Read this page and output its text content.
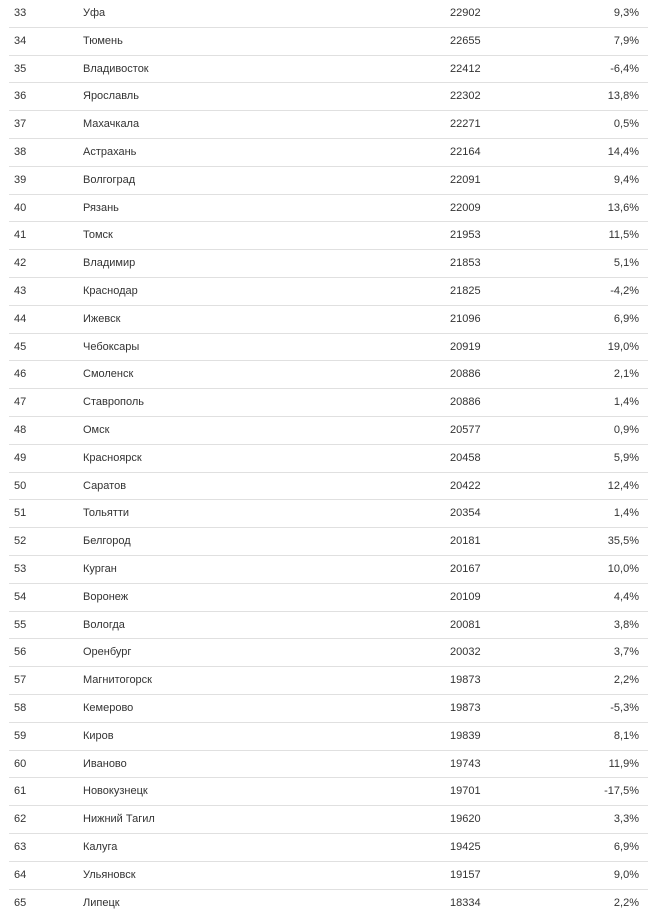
33	Уфа	22902	9,3%
34	Тюмень	22655	7,9%
35	Владивосток	22412	-6,4%
36	Ярославль	22302	13,8%
37	Махачкала	22271	0,5%
38	Астрахань	22164	14,4%
39	Волгоград	22091	9,4%
40	Рязань	22009	13,6%
41	Томск	21953	11,5%
42	Владимир	21853	5,1%
43	Краснодар	21825	-4,2%
44	Ижевск	21096	6,9%
45	Чебоксары	20919	19,0%
46	Смоленск	20886	2,1%
47	Ставрополь	20886	1,4%
48	Омск	20577	0,9%
49	Красноярск	20458	5,9%
50	Саратов	20422	12,4%
51	Тольятти	20354	1,4%
52	Белгород	20181	35,5%
53	Курган	20167	10,0%
54	Воронеж	20109	4,4%
55	Вологда	20081	3,8%
56	Оренбург	20032	3,7%
57	Магнитогорск	19873	2,2%
58	Кемерово	19873	-5,3%
59	Киров	19839	8,1%
60	Иваново	19743	11,9%
61	Новокузнецк	19701	-17,5%
62	Нижний Тагил	19620	3,3%
63	Калуга	19425	6,9%
64	Ульяновск	19157	9,0%
65	Липецк	18334	2,2%
